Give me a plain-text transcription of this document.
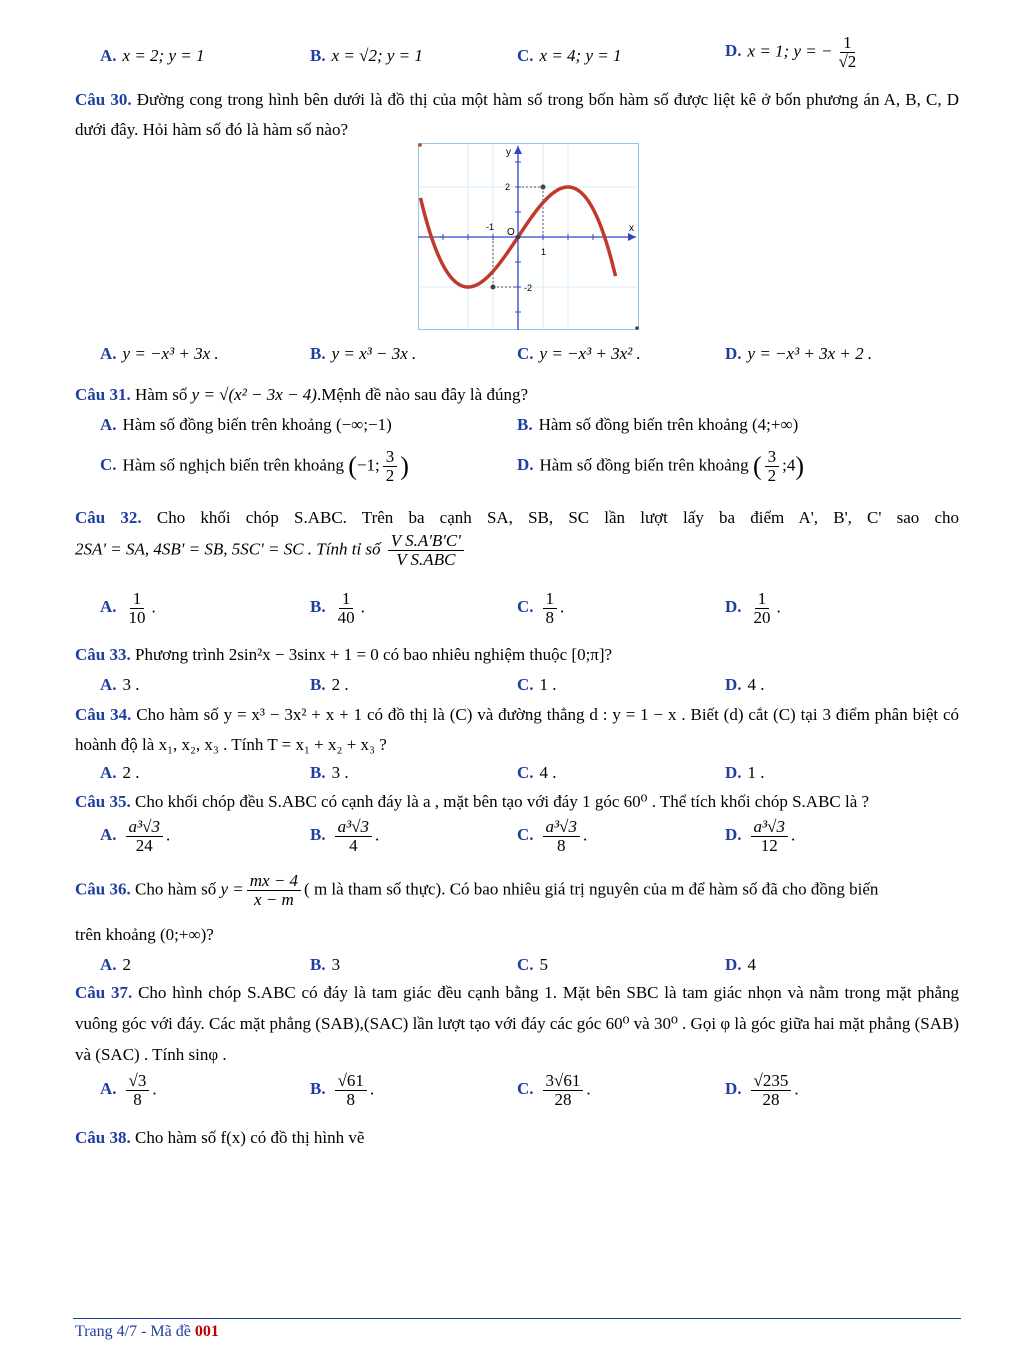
A. x = 2; y = 1	B. x = √2; y = 1	C. x = 4; y = 1	D. x = 1; y = − $\frac{1}{√2}$
Câu 30. Đường cong trong hình bên dưới là đồ thị của một hàm số trong bốn hàm số được liệt kê ở bốn phương án A, B, C, D dưới đây. Hỏi hàm số đó là hàm số nào?
y
x
O
2
-1
1
-2
A. y = −x³ + 3x .	B. y = x³ − 3x .	C. y = −x³ + 3x² .	D. y = −x³ + 3x + 2 .
Câu 31. Hàm số y = √(x² − 3x − 4).Mệnh đề nào sau đây là đúng?
A. Hàm số đồng biến trên khoảng (−∞;−1)	B. Hàm số đồng biến trên khoảng (4;+∞)
C. Hàm số nghịch biến trên khoảng (−1; $\frac{3}{2}$ )	D. Hàm số đồng biến trên khoảng ( $\frac{3}{2}$ ;4)
Câu 32. Cho khối chóp S.ABC. Trên ba cạnh SA, SB, SC lần lượt lấy ba điểm A', B', C' sao cho
2SA' = SA, 4SB' = SB, 5SC' = SC . Tính tỉ số $\frac{\text{V S.A'B'C'}}{\text{V S.ABC}}$
A. $\frac{1}{10}$ .	B. $\frac{1}{40}$ .	C. $\frac{1}{8}$ .	D. $\frac{1}{20}$ .
Câu 33. Phương trình 2sin²x − 3sinx + 1 = 0 có bao nhiêu nghiệm thuộc [0;π]?
A. 3 .	B. 2 .	C. 1 .	D. 4 .
Câu 34. Cho hàm số y = x³ − 3x² + x + 1 có đồ thị là (C) và đường thẳng d : y = 1 − x . Biết (d) cắt (C) tại 3 điểm phân biệt có hoành độ là x₁, x₂, x₃ . Tính T = x₁ + x₂ + x₃ ?
A. 2 .	B. 3 .	C. 4 .	D. 1 .
Câu 35. Cho khối chóp đều S.ABC có cạnh đáy là a , mặt bên tạo với đáy 1 góc 60⁰ . Thể tích khối chóp S.ABC là ?
A. $\frac{\text{a³√3}}{24}$ .	B. $\frac{\text{a³√3}}{4}$ .	C. $\frac{\text{a³√3}}{8}$ .	D. $\frac{\text{a³√3}}{12}$ .
Câu 36. Cho hàm số $y = \frac{mx - 4}{x - m}$ ( m là tham số thực). Có bao nhiêu giá trị nguyên của m để hàm số đã cho đồng biến
trên khoảng (0;+∞)?
A. 2	B. 3	C. 5	D. 4
Câu 37. Cho hình chóp S.ABC có đáy là tam giác đều cạnh bằng 1. Mặt bên SBC là tam giác nhọn và nằm trong mặt phẳng vuông góc với đáy. Các mặt phẳng (SAB),(SAC) lần lượt tạo với đáy các góc 60⁰ và 30⁰ . Gọi φ là góc giữa hai mặt phẳng (SAB) và (SAC) . Tính sinφ .
A. $\frac{√3}{8}$ .	B. $\frac{√61}{8}$ .	C. $\frac{3√61}{28}$ .	D. $\frac{√235}{28}$ .
Câu 38. Cho hàm số f(x) có đồ thị hình vẽ
Trang 4/7 - Mã đề 001
